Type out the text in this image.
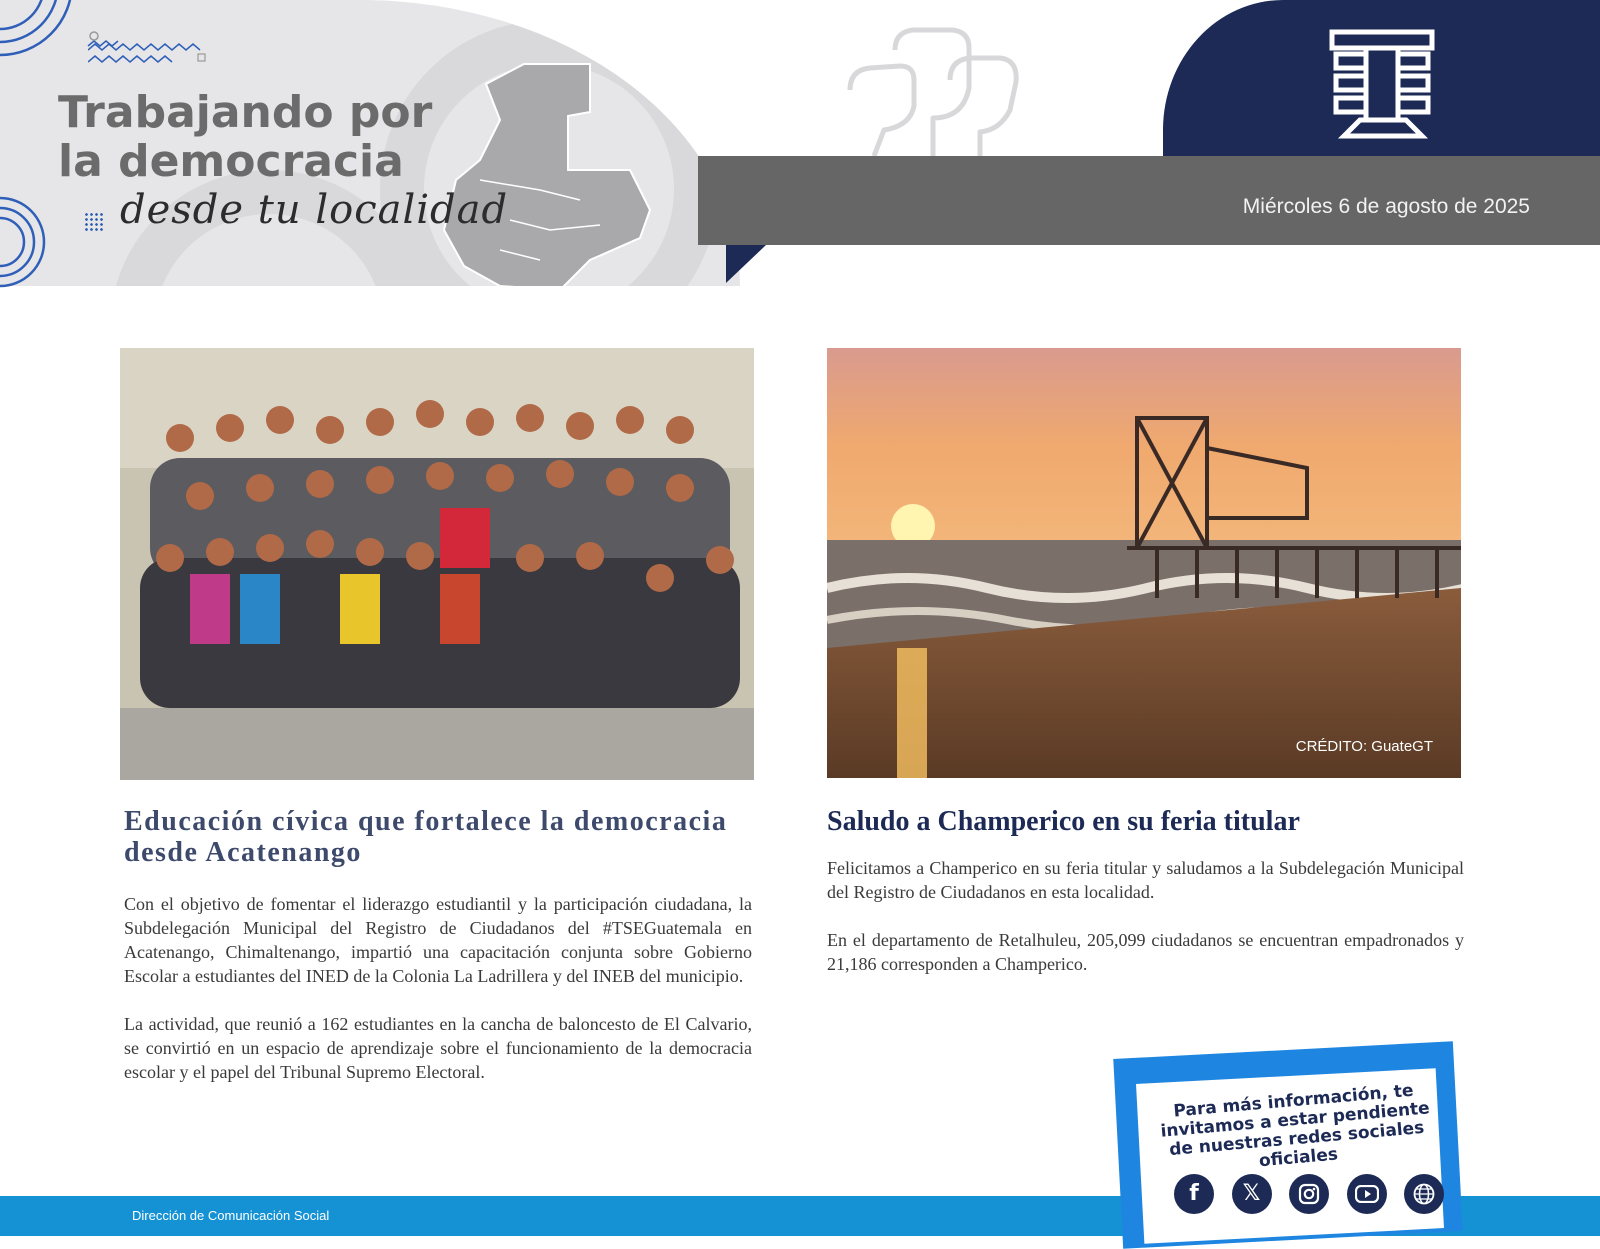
Trabajando por
la democracia
desde tu localidad	Miércoles 6 de agosto de 2025
Educación cívica que fortalece la democracia desde Acatenango

Con el objetivo de fomentar el liderazgo estudiantil y la participación ciudadana, la Subdelegación Municipal del Registro de Ciudadanos del #TSEGuatemala en Acatenango, Chimaltenango, impartió una capacitación conjunta sobre Gobierno Escolar a estudiantes del INED de la Colonia La Ladrillera y del INEB del municipio.

La actividad, que reunió a 162 estudiantes en la cancha de baloncesto de El Calvario, se convirtió en un espacio de aprendizaje sobre el funcionamiento de la democracia escolar y el papel del Tribunal Supremo Electoral.

CRÉDITO: GuateGT
Saludo a Champerico en su feria titular

Felicitamos a Champerico en su feria titular y saludamos a la Subdelegación Municipal del Registro de Ciudadanos en esta localidad.

En el departamento de Retalhuleu, 205,099 ciudadanos se encuentran empadronados y 21,186 corresponden a Champerico.

Dirección de Comunicación Social
Para más información, te invitamos a estar pendiente de nuestras redes sociales oficiales
f	𝕏
